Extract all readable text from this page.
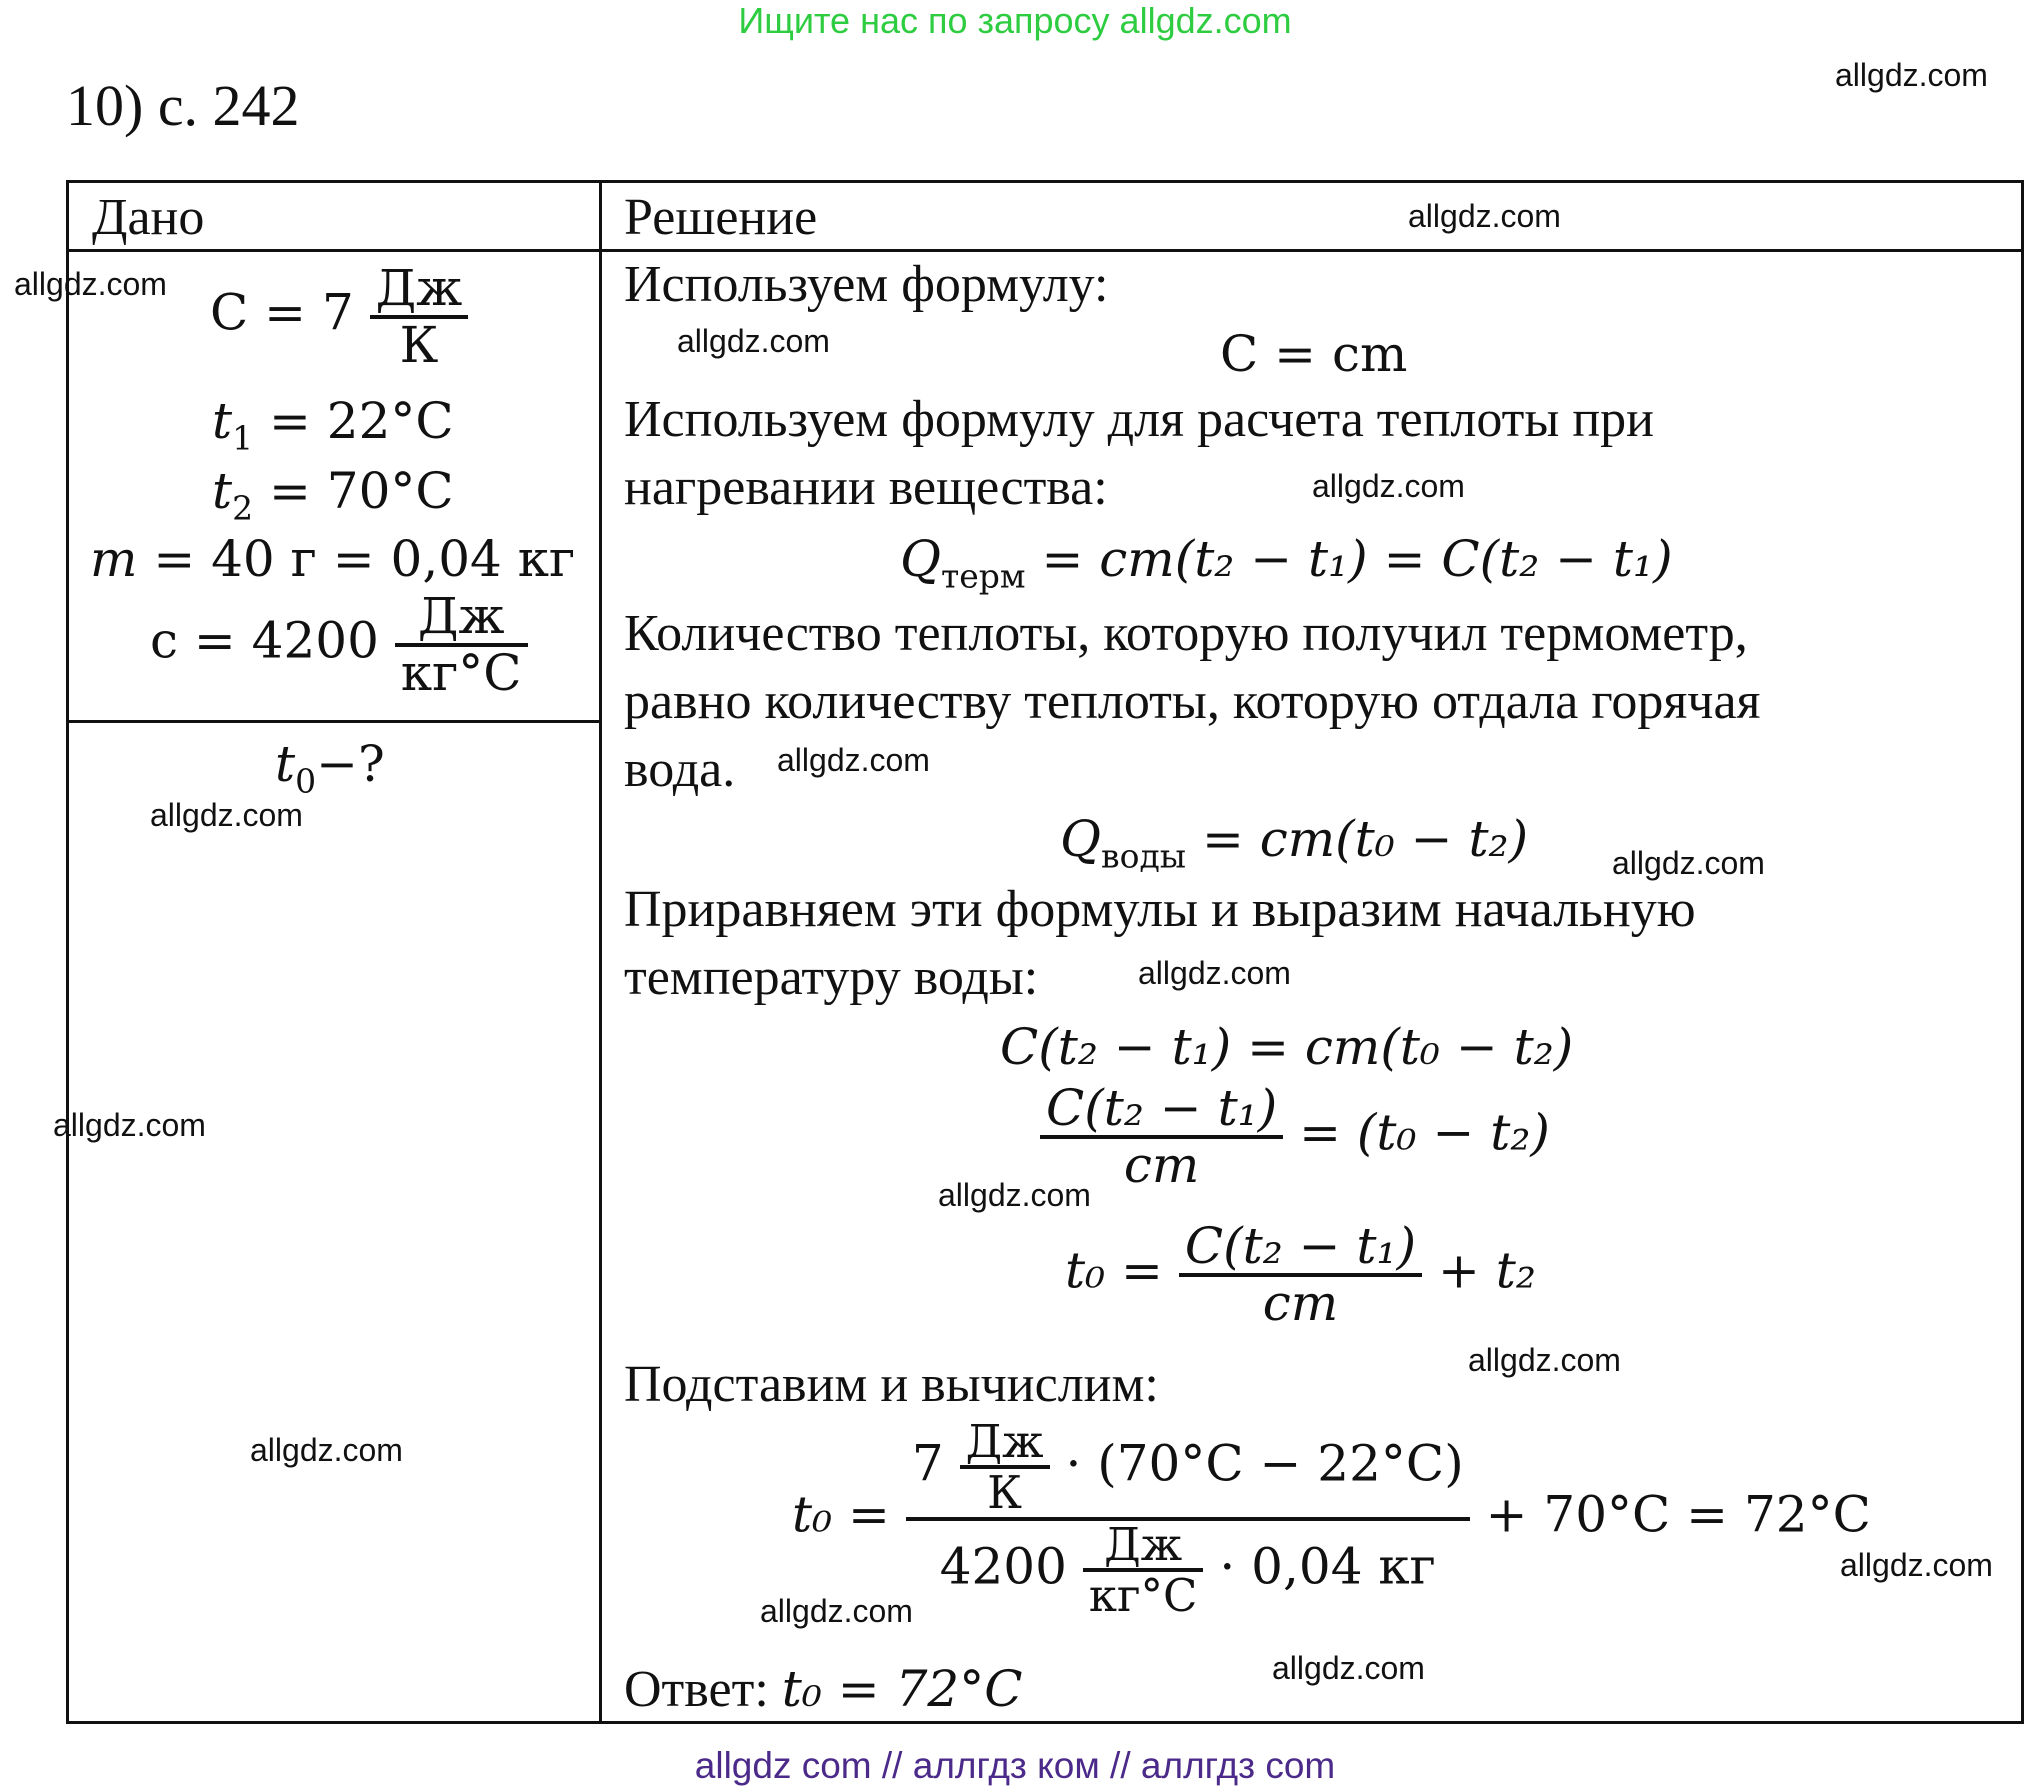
Ищите нас по запросу allgdz.com
10) с. 242
Дано	Решение
$C = 7 \frac{Дж}{К}$
$t_1 = 22^\circ C$
$t_2 = 70^\circ C$
m = 40 г = 0,04 кг
$c = 4200 \frac{Дж}{кг^\circ C}$
$t_0-$?
Используем формулу:
C = cm
Используем формулу для расчета теплоты при
нагревании вещества:
$Q_{терм} = cm(t_2 - t_1) = C(t_2 - t_1)$
Количество теплоты, которую получил термометр,
равно количеству теплоты, которую отдала горячая
вода.
$Q_{воды} = cm(t_0 - t_2)$
Приравняем эти формулы и выразим начальную
температуру воды:
C(t₂ − t₁) = cm(t₀ − t₂)
$\frac{\text{C(t₂ − t₁)}}{cm} = (t_0 - t_2)$
$t_0 = \frac{\text{C(t₂ − t₁)}}{cm} + t_2$
Подставим и вычислим:
$t_0 = \frac{7 \frac{Дж}{К} \cdot (70^\circ C - 22^\circ C)}{4200 \frac{Дж}{кг^\circ C} \cdot 0,04 кг} + 70^\circ C = 72^\circ C$
Ответ: t₀ = 72°C
allgdz.com
allgdz.com
allgdz.com
allgdz.com
allgdz.com
allgdz.com
allgdz.com
allgdz.com
allgdz.com
allgdz.com
allgdz.com
allgdz.com
allgdz.com
allgdz.com
allgdz.com
allgdz.com
allgdz com // аллгдз ком // аллгдз com
